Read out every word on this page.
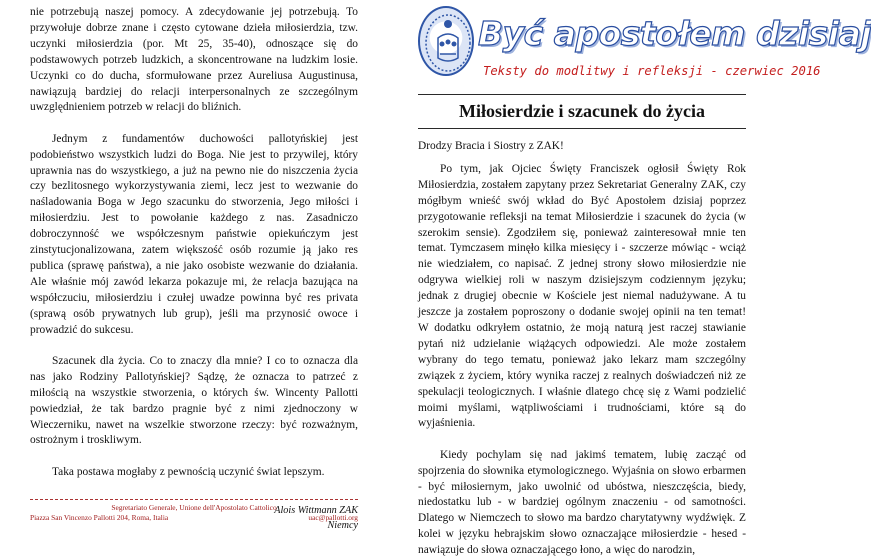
nie potrzebują naszej pomocy. A zdecydowanie jej potrzebują. To przywołuje dobrze znane i często cytowane dzieła miłosierdzia, tzw. uczynki miłosierdzia (por. Mt 25, 35-40), odnoszące się do podstawowych potrzeb ludzkich, a skoncentrowane na ludzkim losie. Uczynki co do ducha, sformułowane przez Aureliusa Augustinusa, nawiązują bardziej do relacji interpersonalnych ze szczególnym uwzględnieniem potrzeb w relacji do bliźnich.

Jednym z fundamentów duchowości pallotyńskiej jest podobieństwo wszystkich ludzi do Boga. Nie jest to przywilej, który uprawnia nas do wszystkiego, a już na pewno nie do niszczenia życia czy bezlitosnego wykorzystywania ziemi, lecz jest to wezwanie do naśladowania Boga w Jego szacunku do stworzenia, Jego miłości i miłosierdziu. Jest to powołanie każdego z nas. Zasadniczo dobroczynność we współczesnym państwie opiekuńczym jest zinstytucjonalizowana, zatem większość osób rozumie ją jako res publica (sprawę państwa), a nie jako osobiste wezwanie do działania. Ale właśnie mój zawód lekarza pokazuje mi, że relacja bazująca na współczuciu, miłosierdziu i czułej uwadze powinna być res privata (sprawą osób prywatnych lub grup), jeśli ma przynosić owoce i prowadzić do sukcesu.

Szacunek dla życia. Co to znaczy dla mnie? I co to oznacza dla nas jako Rodziny Pallotyńskiej? Sądzę, że oznacza to patrzeć z miłością na wszystkie stworzenia, o których św. Wincenty Pallotti powiedział, że tak bardzo pragnie być z nimi zjednoczony w Wieczerniku, nawet na wszelkie stworzone rzeczy: być rozważnym, ostrożnym i troskliwym.

Taka postawa mogłaby z pewnością uczynić świat lepszym.

Alois Wittmann ZAK
Niemcy
Segretariato Generale, Unione dell'Apostolato Cattolico
Piazza San Vincenzo Pallotti 204, Roma, Italia	uac@pallotti.org
Być apostołem dzisiaj
Teksty do modlitwy i refleksji - czerwiec 2016
Miłosierdzie i szacunek do życia

Drodzy Bracia i Siostry z ZAK!

Po tym, jak Ojciec Święty Franciszek ogłosił Święty Rok Miłosierdzia, zostałem zapytany przez Sekretariat Generalny ZAK, czy mógłbym wnieść swój wkład do Być Apostołem dzisiaj poprzez przygotowanie refleksji na temat Miłosierdzie i szacunek do życia (w szerokim sensie). Zgodziłem się, ponieważ zainteresował mnie ten temat. Tymczasem minęło kilka miesięcy i - szczerze mówiąc - wciąż nie wiedziałem, co napisać. Z jednej strony słowo miłosierdzie nie odgrywa wielkiej roli w naszym dzisiejszym codziennym języku; jednak z drugiej obecnie w Kościele jest niemal nadużywane. A tu jeszcze ja zostałem poproszony o dodanie swojej opinii na ten temat! W dodatku odkryłem ostatnio, że moją naturą jest raczej stawianie pytań niż udzielanie wiążących odpowiedzi. Ale może zostałem wybrany do tego tematu, ponieważ jako lekarz mam szczególny związek z życiem, który wynika raczej z realnych doświadczeń niż ze spekulacji teologicznych. I właśnie dlatego chcę się z Wami podzielić moimi myślami, wątpliwościami i trudnościami, które są do wyjaśnienia.

Kiedy pochylam się nad jakimś tematem, lubię zacząć od spojrzenia do słownika etymologicznego. Wyjaśnia on słowo erbarmen - być miłosiernym, jako uwolnić od ubóstwa, nieszczęścia, biedy, niedostatku lub - w bardziej ogólnym znaczeniu - od samotności. Dlatego w Niemczech to słowo ma bardzo charytatywny wydźwięk. Z kolei w języku hebrajskim słowo oznaczające miłosierdzie - hesed - nawiązuje do słowa oznaczającego łono, a więc do narodzin,
